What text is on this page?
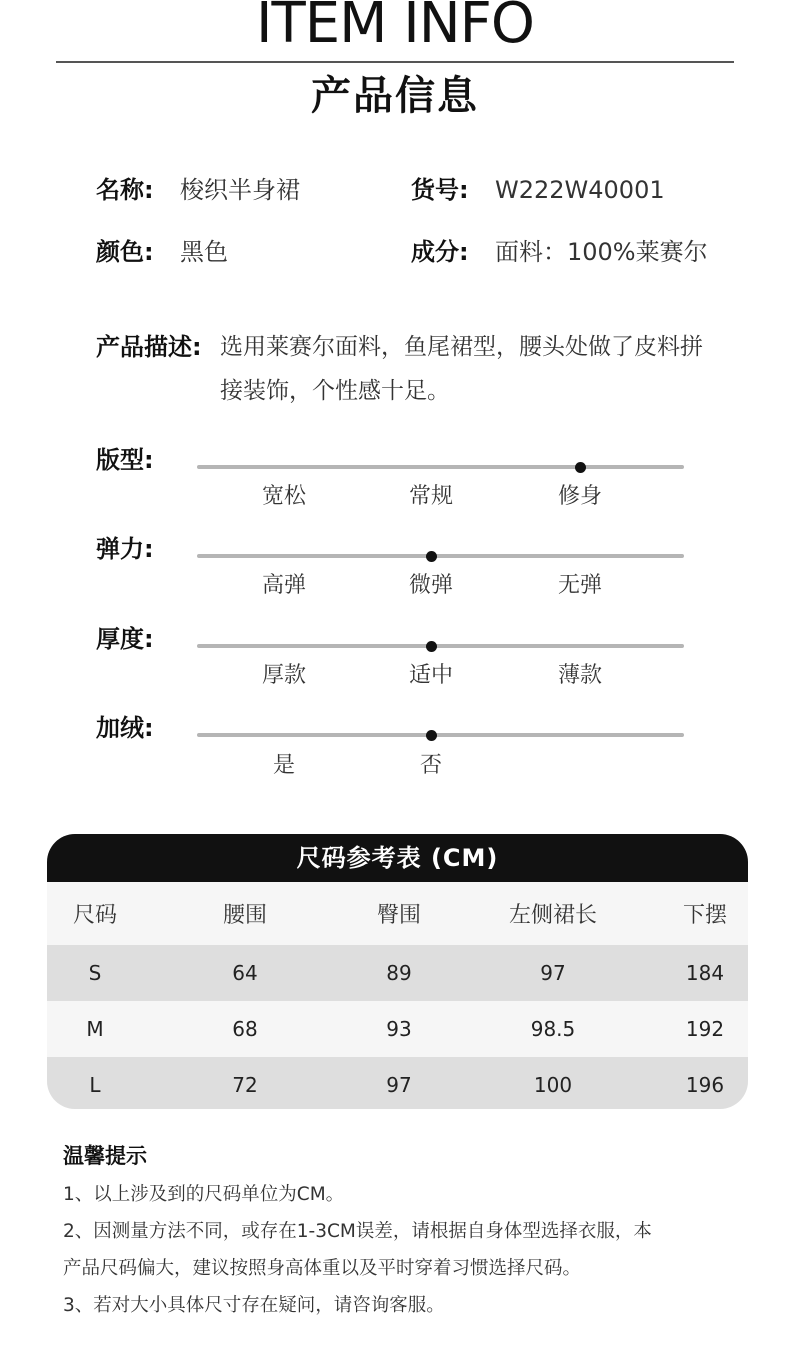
ITEM INFO
产品信息
名称: 梭织半身裙	货号: W222W40001
颜色: 黑色	成分: 面料：100%莱赛尔
产品描述: 选用莱赛尔面料，鱼尾裙型，腰头处做了皮料拼
接装饰，个性感十足。
版型:
宽松	常规	修身
弹力:
高弹	微弹	无弹
厚度:
厚款	适中	薄款
加绒:
是	否
尺码参考表 (CM)
尺码	腰围	臀围	左侧裙长	下摆
S	64	89	97	184
M	68	93	98.5	192
L	72	97	100	196
温馨提示
1、以上涉及到的尺码单位为CM。
2、因测量方法不同，或存在1-3CM误差，请根据自身体型选择衣服，本
产品尺码偏大，建议按照身高体重以及平时穿着习惯选择尺码。
3、若对大小具体尺寸存在疑问，请咨询客服。
